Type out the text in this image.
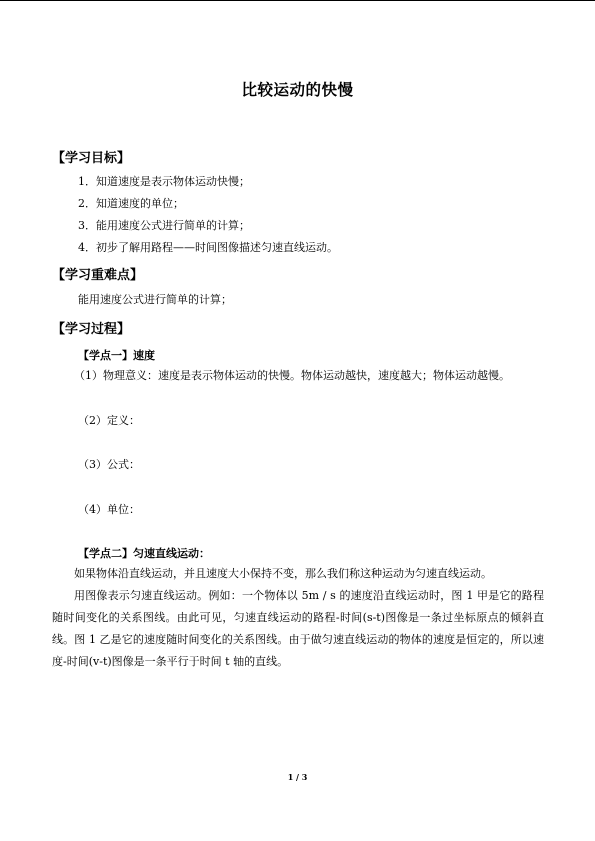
比较运动的快慢
【学习目标】
1．知道速度是表示物体运动快慢；
2．知道速度的单位；
3．能用速度公式进行简单的计算；
4．初步了解用路程——时间图像描述匀速直线运动。
【学习重难点】
能用速度公式进行简单的计算；
【学习过程】
【学点一】速度
（1）物理意义：速度是表示物体运动的快慢。物体运动越快，速度越大；物体运动越慢。
（2）定义：
（3）公式：
（4）单位：
【学点二】匀速直线运动：
如果物体沿直线运动，并且速度大小保持不变，那么我们称这种运动为匀速直线运动。
用图像表示匀速直线运动。例如：一个物体以 5m / s 的速度沿直线运动时，图 1 甲是它的路程随时间变化的关系图线。由此可见，匀速直线运动的路程-时间(s-t)图像是一条过坐标原点的倾斜直线。图 1 乙是它的速度随时间变化的关系图线。由于做匀速直线运动的物体的速度是恒定的，所以速度-时间(v-t)图像是一条平行于时间 t 轴的直线。
1 / 3
